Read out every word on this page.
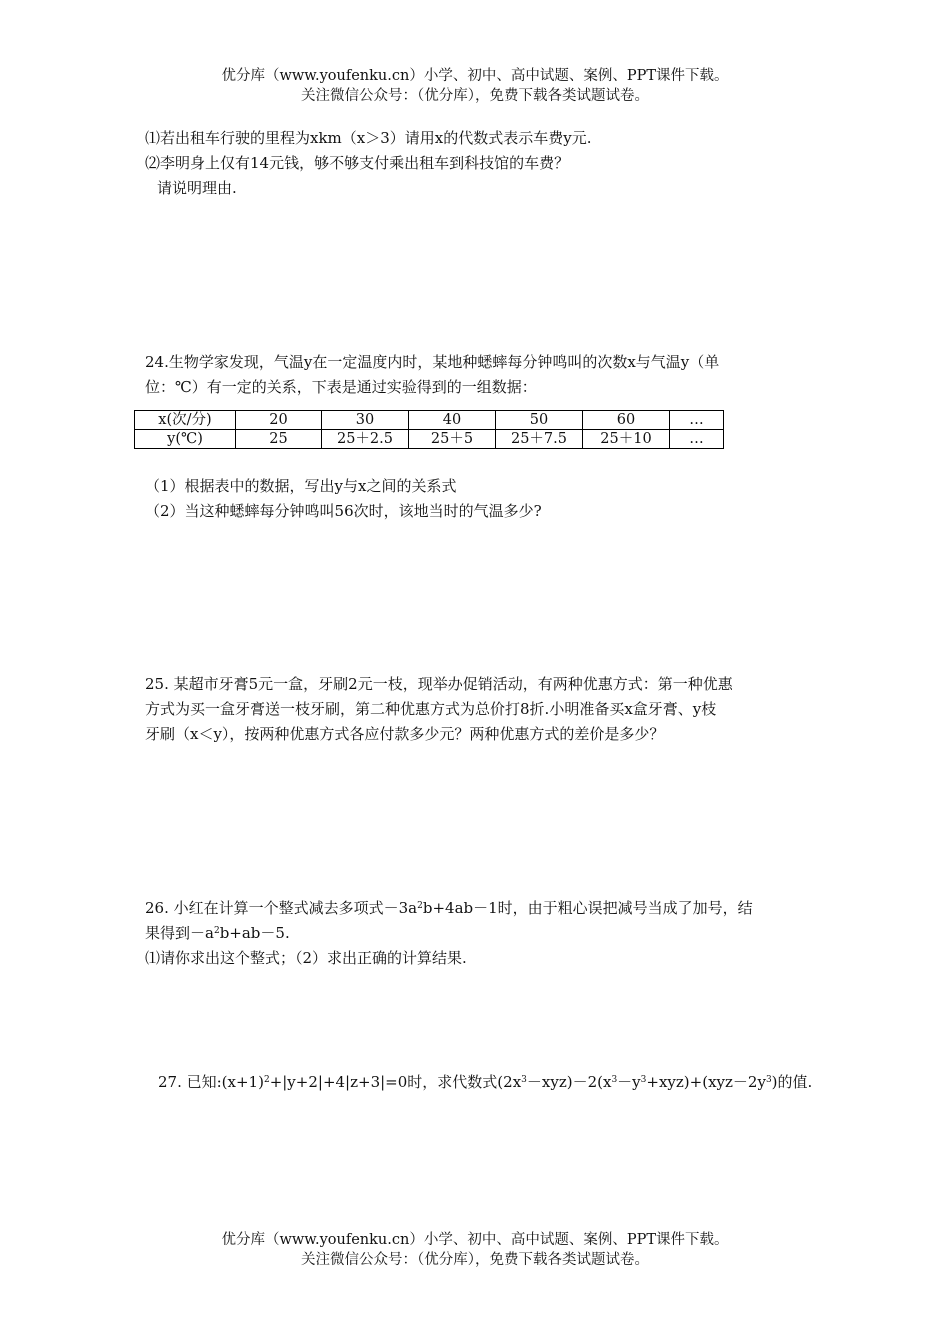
优分库（www.youfenku.cn）小学、初中、高中试题、案例、PPT课件下载。
关注微信公众号：（优分库），免费下载各类试题试卷。
⑴若出租车行驶的里程为xkm（x＞3）请用x的代数式表示车费y元.
⑵李明身上仅有14元钱，够不够支付乘出租车到科技馆的车费？
请说明理由.
24.生物学家发现，气温y在一定温度内时，某地种蟋蟀每分钟鸣叫的次数x与气温y（单
位：℃）有一定的关系，下表是通过实验得到的一组数据：
x(次/分)	20	30	40	50	60	…
y(℃)	25	25＋2.5	25＋5	25＋7.5	25＋10	…
（1）根据表中的数据，写出y与x之间的关系式
（2）当这种蟋蟀每分钟鸣叫56次时，该地当时的气温多少?
25. 某超市牙膏5元一盒，牙刷2元一枝，现举办促销活动，有两种优惠方式：第一种优惠
方式为买一盒牙膏送一枝牙刷，第二种优惠方式为总价打8折.小明准备买x盒牙膏、y枝
牙刷（x＜y），按两种优惠方式各应付款多少元？两种优惠方式的差价是多少？
26. 小红在计算一个整式减去多项式$-3a^2b+4ab-1$时，由于粗心误把减号当成了加号，结
果得到$-a^2b+ab-5$.
⑴请你求出这个整式；（2）求出正确的计算结果.
27. 已知$:(x+1)^2+|y+2|+4|z+3|=0$时，求代数式$(2x^3-xyz)-2(x^3-y^3+xyz)+(xyz-2y^3)$的值.
优分库（www.youfenku.cn）小学、初中、高中试题、案例、PPT课件下载。
关注微信公众号：（优分库），免费下载各类试题试卷。
